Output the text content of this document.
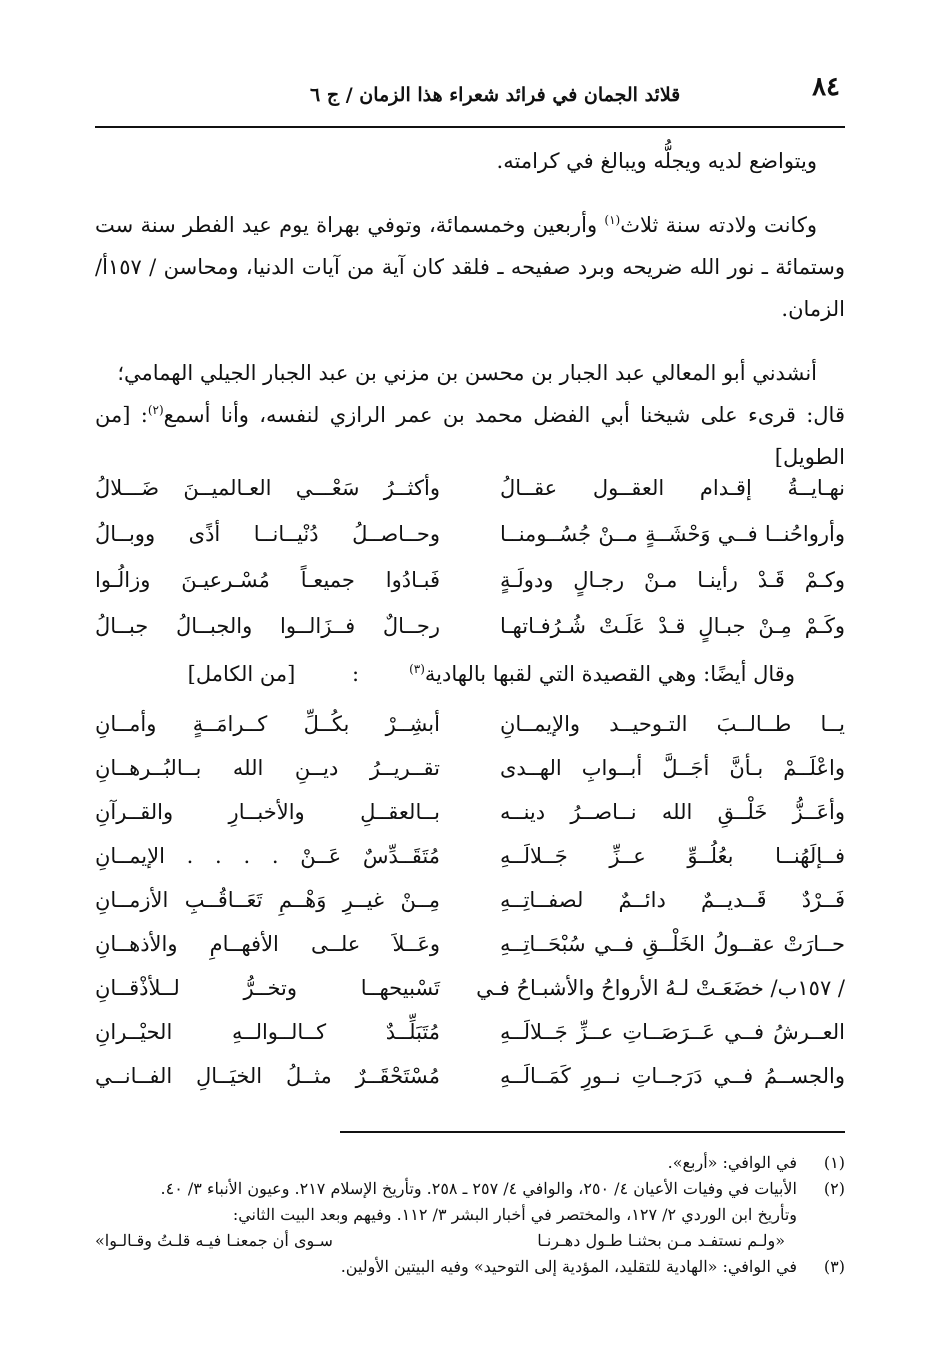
٨٤
قلائد الجمان في فرائد شعراء هذا الزمان / ج ٦

ويتواضع لديه ويجلُّه ويبالغ في كرامته.

وكانت ولادته سنة ثلاث$^{(١)}$ وأربعين وخمسمائة، وتوفي بهراة يوم عيد الفطر سنة ست وستمائة ـ نور الله ضريحه وبرد صفيحه ـ فلقد كان آية من آيات الدنيا، ومحاسن / ١٥٧أ/ الزمان.

أنشدني أبو المعالي عبد الجبار بن محسن بن مزني بن عبد الجبار الجيلي الهمامي؛

قال: قرىء على شيخنا أبي الفضل محمد بن عمر الرازي لنفسه، وأنا أسمع$^{(٢)}$: [من الطويل]

نهـايــةُ إقـدام العقــول عقــالُ
وأكثــرُ سَعْـــي العـالميــنَ ضَـــلالُ
وأرواحُنــا فــي وَحْشَــةٍ مــنْ جُسُــومنــا
وحــاصــلُ دُنْيــانــا أذًى ووبــالُ
وكـمْ قَـدْ رأينـا مـنْ رجـالٍ ودولَـةٍ
فَبـادُوا جميعـاً مُسْـرعيـنَ وزالُـوا
وكَـمْ مِـنْ جبـالٍ قـدْ عَلَـتْ شُـرُفـاتهـا
رجــالٌ فــزَالــوا والجبــالُ جبــالُ
وقال أيضًا: وهي القصيدة التي لقبها بالهادية$^{(٣)}$: [من الكامل]
يــا طــالــبَ التـوحيــد والإيمــانِ
أبشِــرْ بكُــلِّ كــرامَــةٍ وأمــانِ
واعْلَــمْ بـأنَّ أجَــلَّ أبــوابِ الهــدى
تقــريــرُ ديــنِ الله بــالبُــرهــانِ
وأعَــزُّ خَلْــقِ الله نــاصــرُ دينــه
بــالعقــلِ والأخبــارِ والقــرآنِ
فــإلَهُنــا بعُلُــوِّ عــزِّ جَــلالَــهِ
مُتَقَــدِّسٌ عَــنْ . . . . الإيمــانِ
فَــرْدٌ قَــديــمٌ دائــمٌ لصفــاتِــهِ
مِــنْ غيــرِ وَهْــمِ تَعَــاقُــبِ الأزمــانِ
حــارَتْ عقــولُ الخَلْــقِ فــي سُبْحَــاتِــهِ
وعَــلاَ علــى الأفهــامِ والأذهــانِ
/ ١٥٧ب/ خضَعَـتْ لـهُ الأرواحُ والأشبـاحُ فـي
تَسْبيحهــا وتخــرُّ لــلأذْقــانِ
العــرشُ فــي عَــرَصَــاتِ عــزِّ جَــلالَــهِ
مُتَبَلِّــدٌ كــالــوالــهِ الحيْــرانِ
والجســمُ فــي دَرَجــاتِ نــورِ كَمَــالَــهِ
مُسْتَحْقَــرٌ مثــلُ الخيَــالِ الفــانــي

(١)
في الوافي: «أربع».

(٢)
الأبيات في وفيات الأعيان ٤/ ٢٥٠، والوافي ٤/ ٢٥٧ ـ ٢٥٨. وتأريخ الإسلام ٢١٧. وعيون الأنباء ٣/ ٤٠.

وتأريخ ابن الوردي ٢/ ١٢٧، والمختصر في أخبار البشر ٣/ ١١٢. وفيهم وبعد البيت الثاني:

«ولـم نستفـد مـن بحثنـا طـول دهـرنـا
سـوى أن جمعنـا فيـه قلـتُ وقـالـوا»

(٣)
في الوافي: «الهادية للتقليد، المؤدية إلى التوحيد» وفيه البيتين الأولين.
